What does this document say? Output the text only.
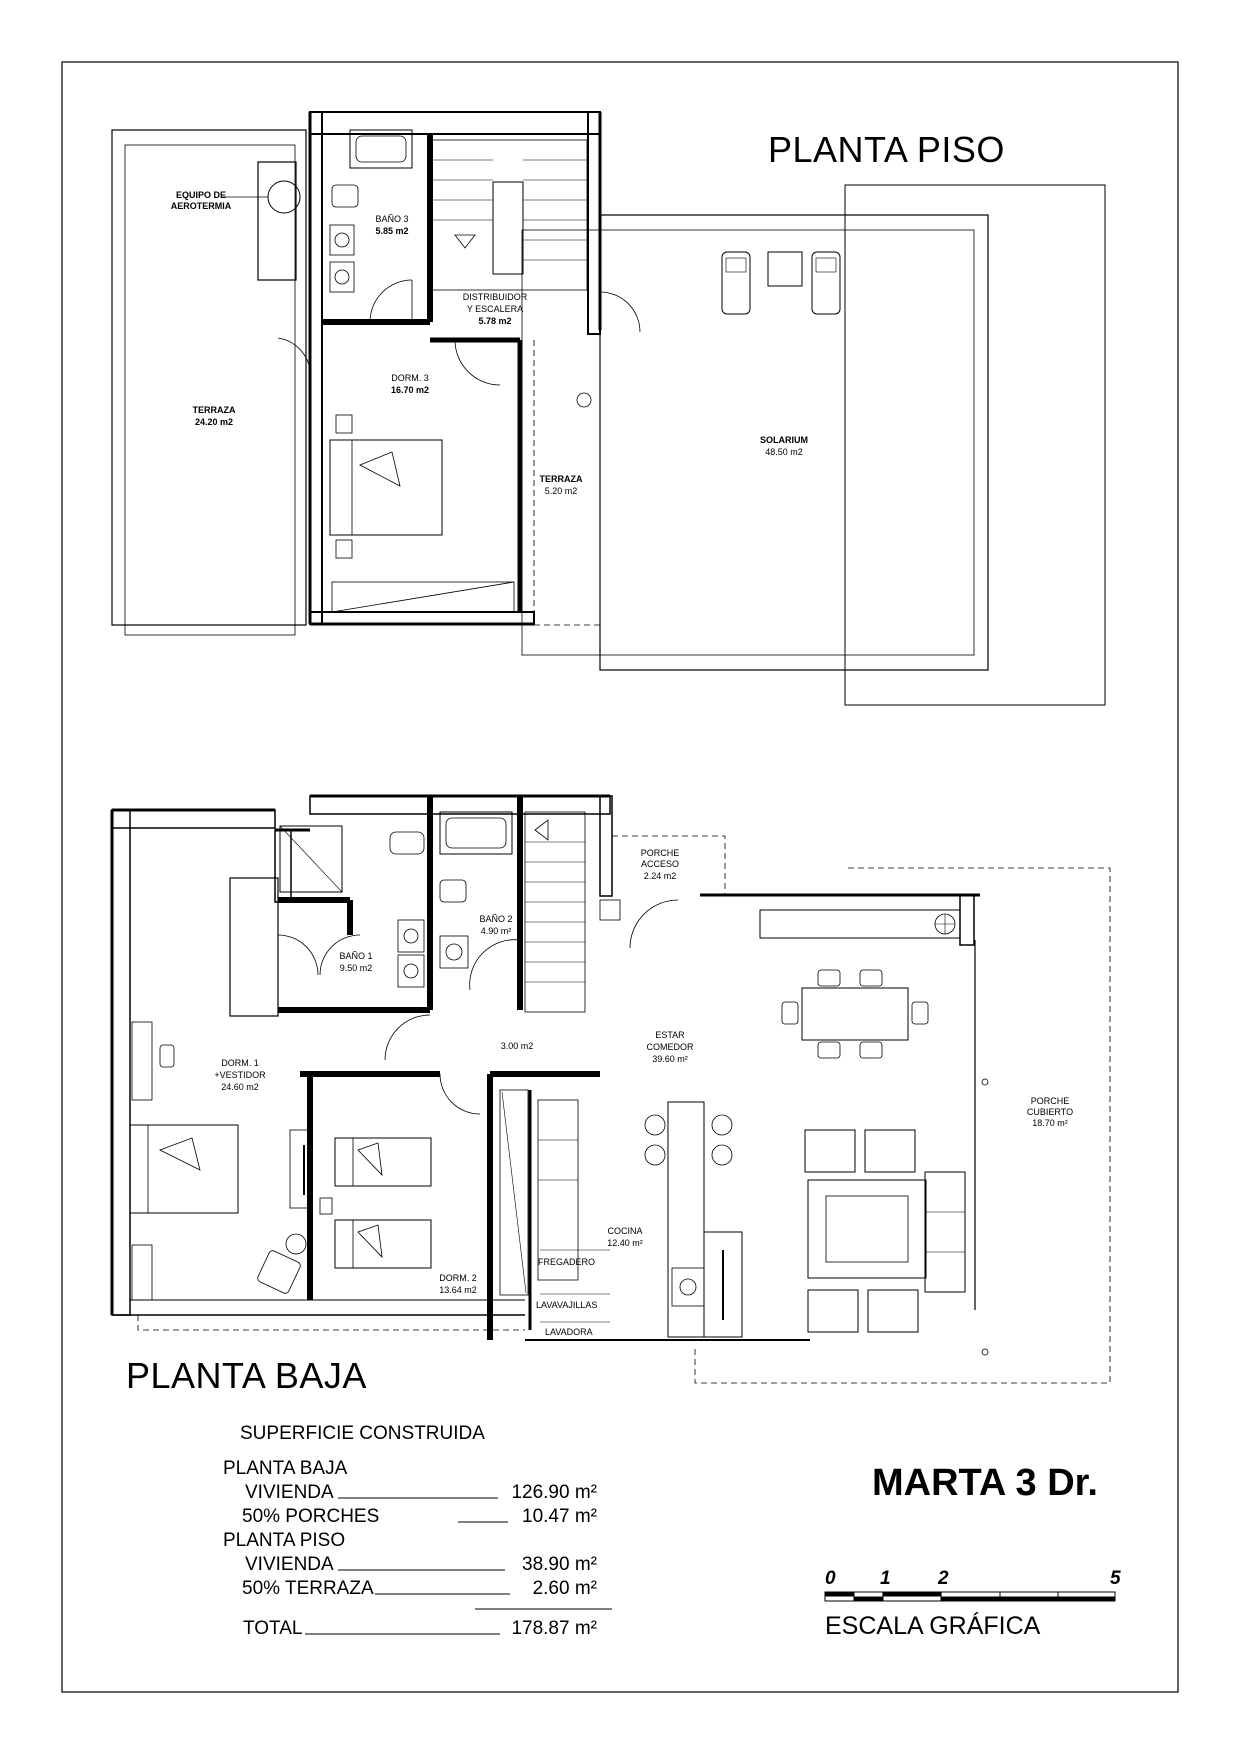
PLANTA PISO
EQUIPO DE
AEROTERMIA
BAÑO 3
5.85 m2
DISTRIBUIDOR
Y ESCALERA
5.78 m2
DORM. 3
16.70 m2
TERRAZA
24.20 m2
TERRAZA
5.20 m2
SOLARIUM
48.50 m2
PORCHE
ACCESO
2.24 m2
BAÑO 2
4.90 m²
BAÑO 1
9.50 m2
3.00 m2
ESTAR
COMEDOR
39.60 m²
DORM. 1
+VESTIDOR
24.60 m2
PORCHE
CUBIERTO
18.70 m²
COCINA
12.40 m²
FREGADERO
LAVAVAJILLAS
LAVADORA
DORM. 2
13.64 m2
PLANTA BAJA
MARTA 3 Dr.
SUPERFICIE CONSTRUIDA
PLANTA BAJA
VIVIENDA	126.90 m²
50% PORCHES	10.47 m²
PLANTA PISO
VIVIENDA	38.90 m²
50% TERRAZA	2.60 m²
TOTAL	178.87 m²
0 1 2	5
ESCALA GRÁFICA
